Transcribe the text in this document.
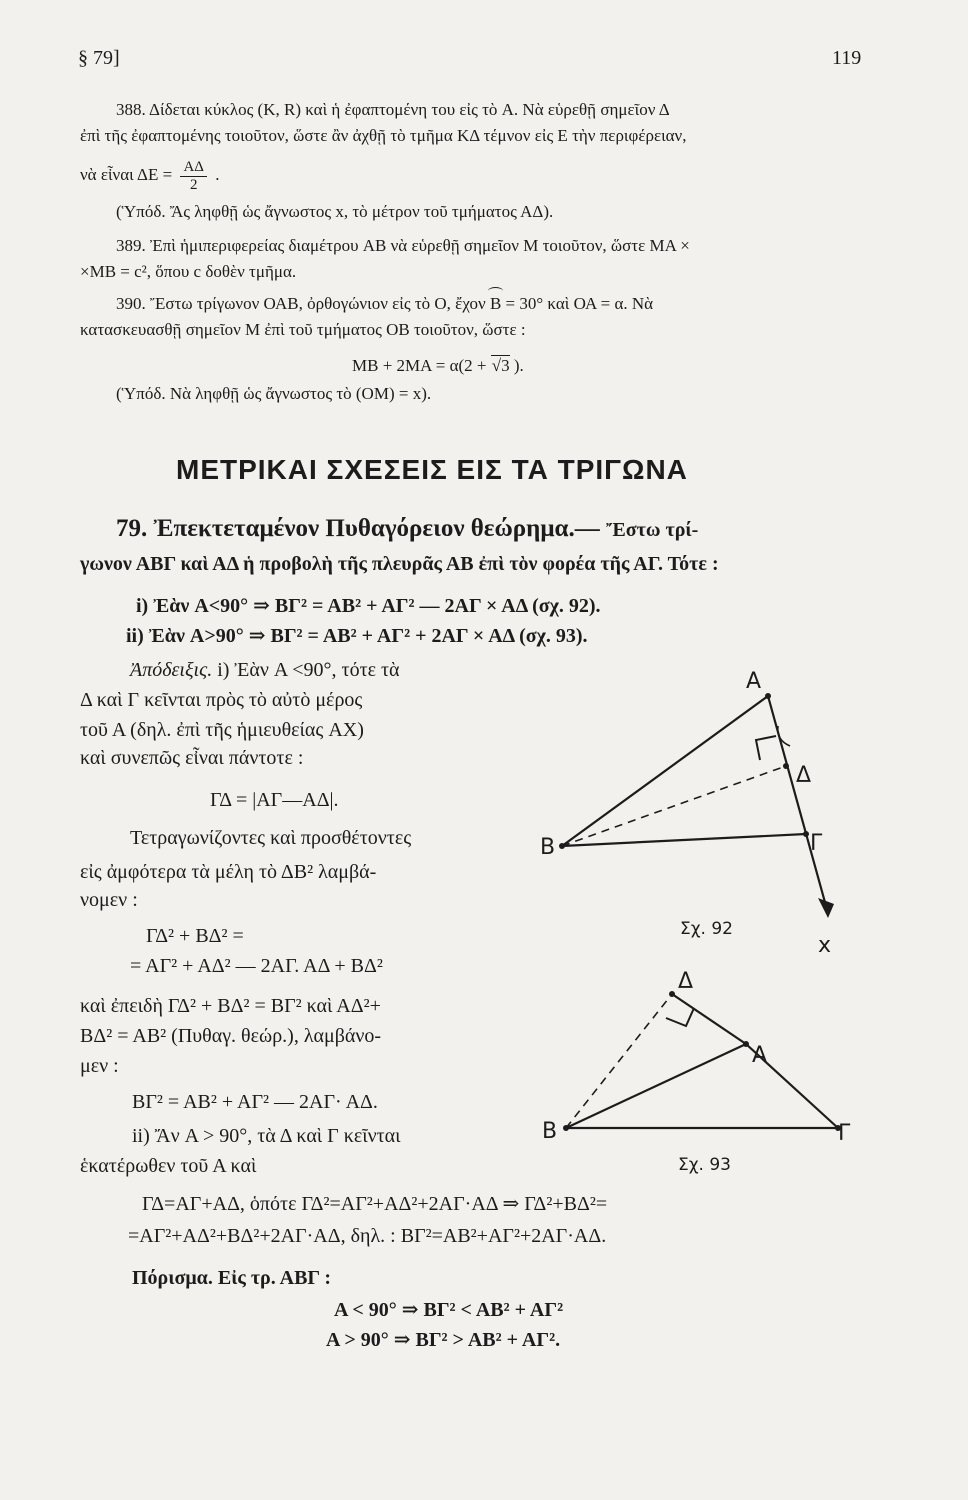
§ 79]	119
388. Δίδεται κύκλος (K, R) καὶ ἡ ἐφαπτομένη του εἰς τὸ A. Νὰ εὑρεθῇ σημεῖον Δ
ἐπὶ τῆς ἐφαπτομένης τοιοῦτον, ὥστε ἂν ἀχθῇ τὸ τμῆμα ΚΔ τέμνον εἰς Ε τὴν περιφέρειαν,
νὰ εἶναι $\Delta E = \frac{A\Delta}{2}$ .
(Ὑπόδ. Ἄς ληφθῇ ὡς ἄγνωστος x, τὸ μέτρον τοῦ τμήματος ΑΔ).
389. Ἐπὶ ἡμιπεριφερείας διαμέτρου AB νὰ εὑρεθῇ σημεῖον Μ τοιοῦτον, ὥστε MA ×
×MB = c², ὅπου c δοθὲν τμῆμα.
390. Ἔστω τρίγωνον ΟΑΒ, ὀρθογώνιον εἰς τὸ Ο, ἔχον B = 30° καὶ ΟΑ = α. Νὰ
κατασκευασθῇ σημεῖον Μ ἐπὶ τοῦ τμήματος ΟΒ τοιοῦτον, ὥστε :
MB + 2MA = α(2 + √3 ).
(Ὑπόδ. Νὰ ληφθῇ ὡς ἄγνωστος τὸ (ΟΜ) = x).
ΜΕΤΡΙΚΑΙ ΣΧΕΣΕΙΣ ΕΙΣ ΤΑ ΤΡΙΓΩΝΑ
79. Ἐπεκτεταμένον Πυθαγόρειον θεώρημα.— Ἔστω τρί-
γωνον ΑΒΓ καὶ ΑΔ ἡ προβολὴ τῆς πλευρᾶς ΑΒ ἐπὶ τὸν φορέα τῆς ΑΓ. Τότε :
i) Ἐὰν A<90° ⇒ ΒΓ² = ΑΒ² + ΑΓ² — 2ΑΓ × ΑΔ (σχ. 92).
ii) Ἐὰν A>90° ⇒ ΒΓ² = ΑΒ² + ΑΓ² + 2ΑΓ × ΑΔ (σχ. 93).
Ἀπόδειξις. i) Ἐὰν A <90°, τότε τὰ
Δ καὶ Γ κεῖνται πρὸς τὸ αὐτὸ μέρος
τοῦ Α (δηλ. ἐπὶ τῆς ἡμιευθείας AX)
καὶ συνεπῶς εἶναι πάντοτε :
ΓΔ = |ΑΓ—ΑΔ|.
Τετραγωνίζοντες καὶ προσθέτοντες
εἰς ἀμφότερα τὰ μέλη τὸ ΔΒ² λαμβά-
νομεν :
ΓΔ² + ΒΔ² =
= ΑΓ² + ΑΔ² — 2ΑΓ. ΑΔ + ΒΔ²
καὶ ἐπειδὴ ΓΔ² + ΒΔ² = ΒΓ² καὶ ΑΔ²+
ΒΔ² = ΑΒ² (Πυθαγ. θεώρ.), λαμβάνο-
μεν :
ΒΓ² = ΑΒ² + ΑΓ² — 2ΑΓ· ΑΔ.
ii) Ἄν A > 90°, τὰ Δ καὶ Γ κεῖνται
ἑκατέρωθεν τοῦ Α καὶ
ΓΔ=ΑΓ+ΑΔ, ὁπότε ΓΔ²=ΑΓ²+ΑΔ²+2ΑΓ·ΑΔ ⇒ ΓΔ²+ΒΔ²=
=ΑΓ²+ΑΔ²+ΒΔ²+2ΑΓ·ΑΔ, δηλ. : ΒΓ²=ΑΒ²+ΑΓ²+2ΑΓ·ΑΔ.
Πόρισμα. Εἰς τρ. ΑΒΓ :
A < 90° ⇒ ΒΓ² < ΑΒ² + ΑΓ²
A > 90° ⇒ ΒΓ² > ΑΒ² + ΑΓ².
A
B	Γ
Δ
x
Σχ. 92
A
B	Γ
Δ
Σχ. 93
